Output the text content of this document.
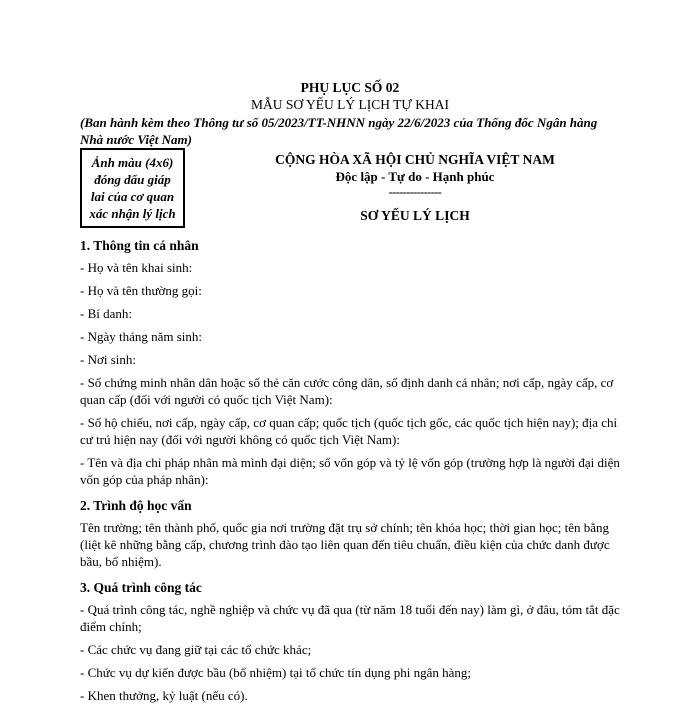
PHỤ LỤC SỐ 02
MẪU SƠ YẾU LÝ LỊCH TỰ KHAI
(Ban hành kèm theo Thông tư số 05/2023/TT-NHNN ngày 22/6/2023 của Thống đốc Ngân hàng Nhà nước Việt Nam)
Ảnh màu (4x6) đóng dấu giáp lai của cơ quan xác nhận lý lịch
CỘNG HÒA XÃ HỘI CHỦ NGHĨA VIỆT NAM
Độc lập - Tự do - Hạnh phúc
---------------
SƠ YẾU LÝ LỊCH
1. Thông tin cá nhân
- Họ và tên khai sinh:
- Họ và tên thường gọi:
- Bí danh:
- Ngày tháng năm sinh:
- Nơi sinh:
- Số chứng minh nhân dân hoặc số thẻ căn cước công dân, số định danh cá nhân; nơi cấp, ngày cấp, cơ quan cấp (đối với người có quốc tịch Việt Nam):
- Số hộ chiếu, nơi cấp, ngày cấp, cơ quan cấp; quốc tịch (quốc tịch gốc, các quốc tịch hiện nay); địa chỉ cư trú hiện nay (đối với người không có quốc tịch Việt Nam):
- Tên và địa chỉ pháp nhân mà mình đại diện; số vốn góp và tỷ lệ vốn góp (trường hợp là người đại diện vốn góp của pháp nhân):
2. Trình độ học vấn
Tên trường; tên thành phố, quốc gia nơi trường đặt trụ sở chính; tên khóa học; thời gian học; tên bằng (liệt kê những bằng cấp, chương trình đào tạo liên quan đến tiêu chuẩn, điều kiện của chức danh được bầu, bổ nhiệm).
3. Quá trình công tác
- Quá trình công tác, nghề nghiệp và chức vụ đã qua (từ năm 18 tuổi đến nay) làm gì, ở đâu, tóm tắt đặc điểm chính;
- Các chức vụ đang giữ tại các tổ chức khác;
- Chức vụ dự kiến được bầu (bổ nhiệm) tại tổ chức tín dụng phi ngân hàng;
- Khen thưởng, kỷ luật (nếu có).
